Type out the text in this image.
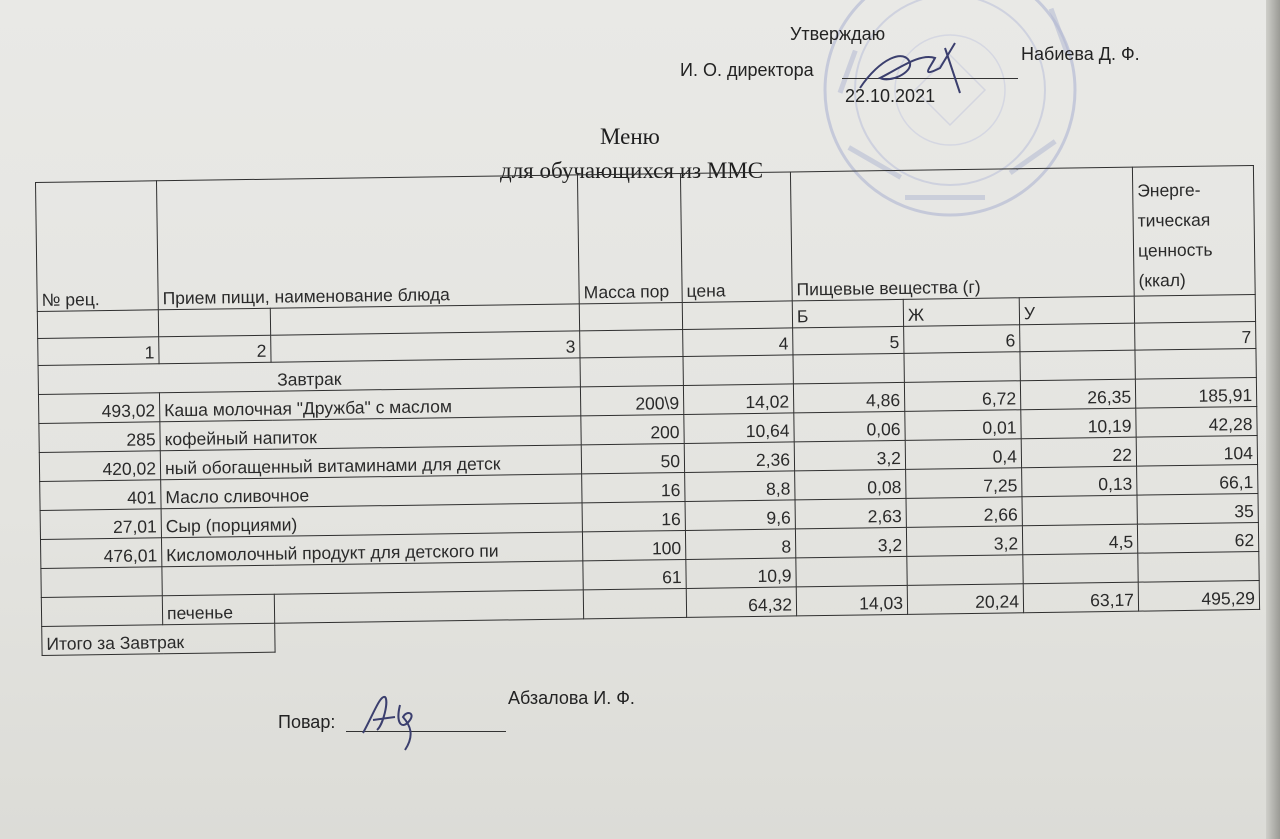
Утверждаю
И. О. директора
Набиева Д. Ф.
22.10.2021
Меню
для обучающихся из ММС
№ рец.	Прием пищи, наименование блюда		Масса пор	цена	Пищевые вещества (г)			Энерге- тическая ценность (ккал)
					Б	Ж	У	
1	2	3		4	5	6		7
Завтрак								
493,02	Каша молочная "Дружба" с маслом		200\9	14,02	4,86	6,72	26,35	185,91
285	кофейный напиток		200	10,64	0,06	0,01	10,19	42,28
420,02	ный обогащенный витаминами для детск		50	2,36	3,2	0,4	22	104
401	Масло сливочное		16	8,8	0,08	7,25	0,13	66,1
27,01	Сыр (порциями)		16	9,6	2,63	2,66		35
476,01	Кисломолочный продукт для детского пи		100	8	3,2	3,2	4,5	62
			61	10,9				
	печенье			64,32	14,03	20,24	63,17	495,29
Итого за Завтрак								
Повар:
Абзалова И. Ф.
